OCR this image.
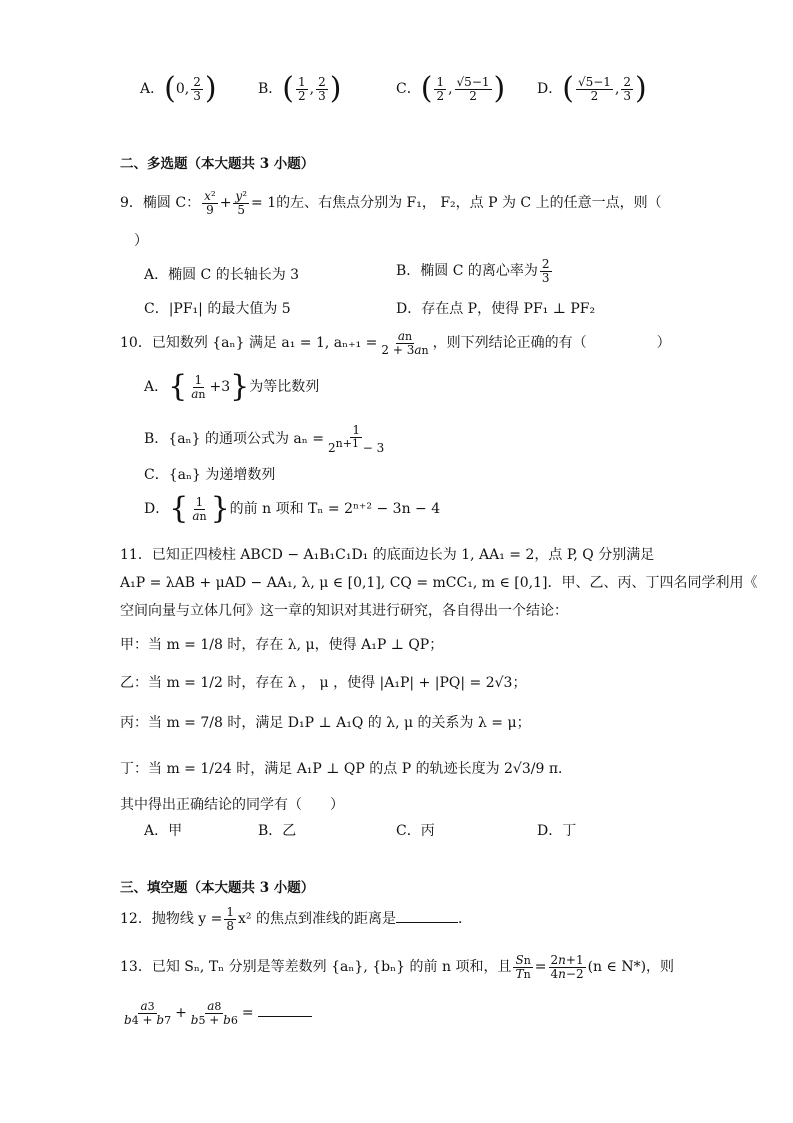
A．(0, $\frac{2}{3}$ )	B．( $\frac{1}{2}$ , $\frac{2}{3}$ )	C．( $\frac{1}{2}$ , $\frac{√5-1}{2}$ ) D．( $\frac{√5-1}{2}$ , $\frac{2}{3}$ )
二、多选题（本大题共 3 小题）
9．椭圆 C： $\frac{\text{x²}}{9} + \frac{\text{y²}}{5} = 1$的左、右焦点分别为 F₁， F₂，点 P 为 C 上的任意一点，则（
）
A．椭圆 C 的长轴长为 3	B．椭圆 C 的离心率为 $\frac{2}{3}$
C．|PF₁| 的最大值为 5	D．存在点 P，使得 PF₁ ⊥ PF₂
10．已知数列 {aₙ} 满足 a₁ = 1, $a_{n+1} = \frac{an}{2 + 3an}$ ，则下列结论正确的有（　　　　　）
A．{ $\frac{1}{an} +3$}为等比数列
B．{aₙ} 的通项公式为 $a_n = \frac{1}{2^{n+1} - 3}$
C．{aₙ} 为递增数列
D．{ $\frac{1}{an}$ }的前 n 项和 Tₙ = 2ⁿ⁺² − 3n − 4
11．已知正四棱柱 ABCD − A₁B₁C₁D₁ 的底面边长为 1, AA₁ = 2，点 P, Q 分别满足
A₁P = λAB + μAD − AA₁, λ, μ ∈ [0,1], CQ = mCC₁, m ∈ [0,1]．甲、乙、丙、丁四名同学利用《
空间向量与立体几何》这一章的知识对其进行研究，各自得出一个结论：
甲：当 m = 1/8 时，存在 λ, μ，使得 A₁P ⊥ QP；
乙：当 m = 1/2 时，存在 λ ， μ ，使得 |A₁P| + |PQ| = 2√3；
丙：当 m = 7/8 时，满足 D₁P ⊥ A₁Q 的 λ, μ 的关系为 λ = μ；
丁：当 m = 1/24 时，满足 A₁P ⊥ QP 的点 P 的轨迹长度为 2√3/9 π．
其中得出正确结论的同学有（　　）
A．甲	B．乙	C．丙	D．丁
三、填空题（本大题共 3 小题）
12．抛物线 $y = \frac{1}{8} x^2$ 的焦点到准线的距离是	．
13．已知 Sₙ, Tₙ 分别是等差数列 {aₙ}, {bₙ} 的前 n 项和，且 $\frac{Sn}{Tn} = \frac{2n+1}{4n-2} (n$ ∈ N*)，则
$\frac{a3}{b4 + b7} + \frac{a8}{b5 + b6}$ =
